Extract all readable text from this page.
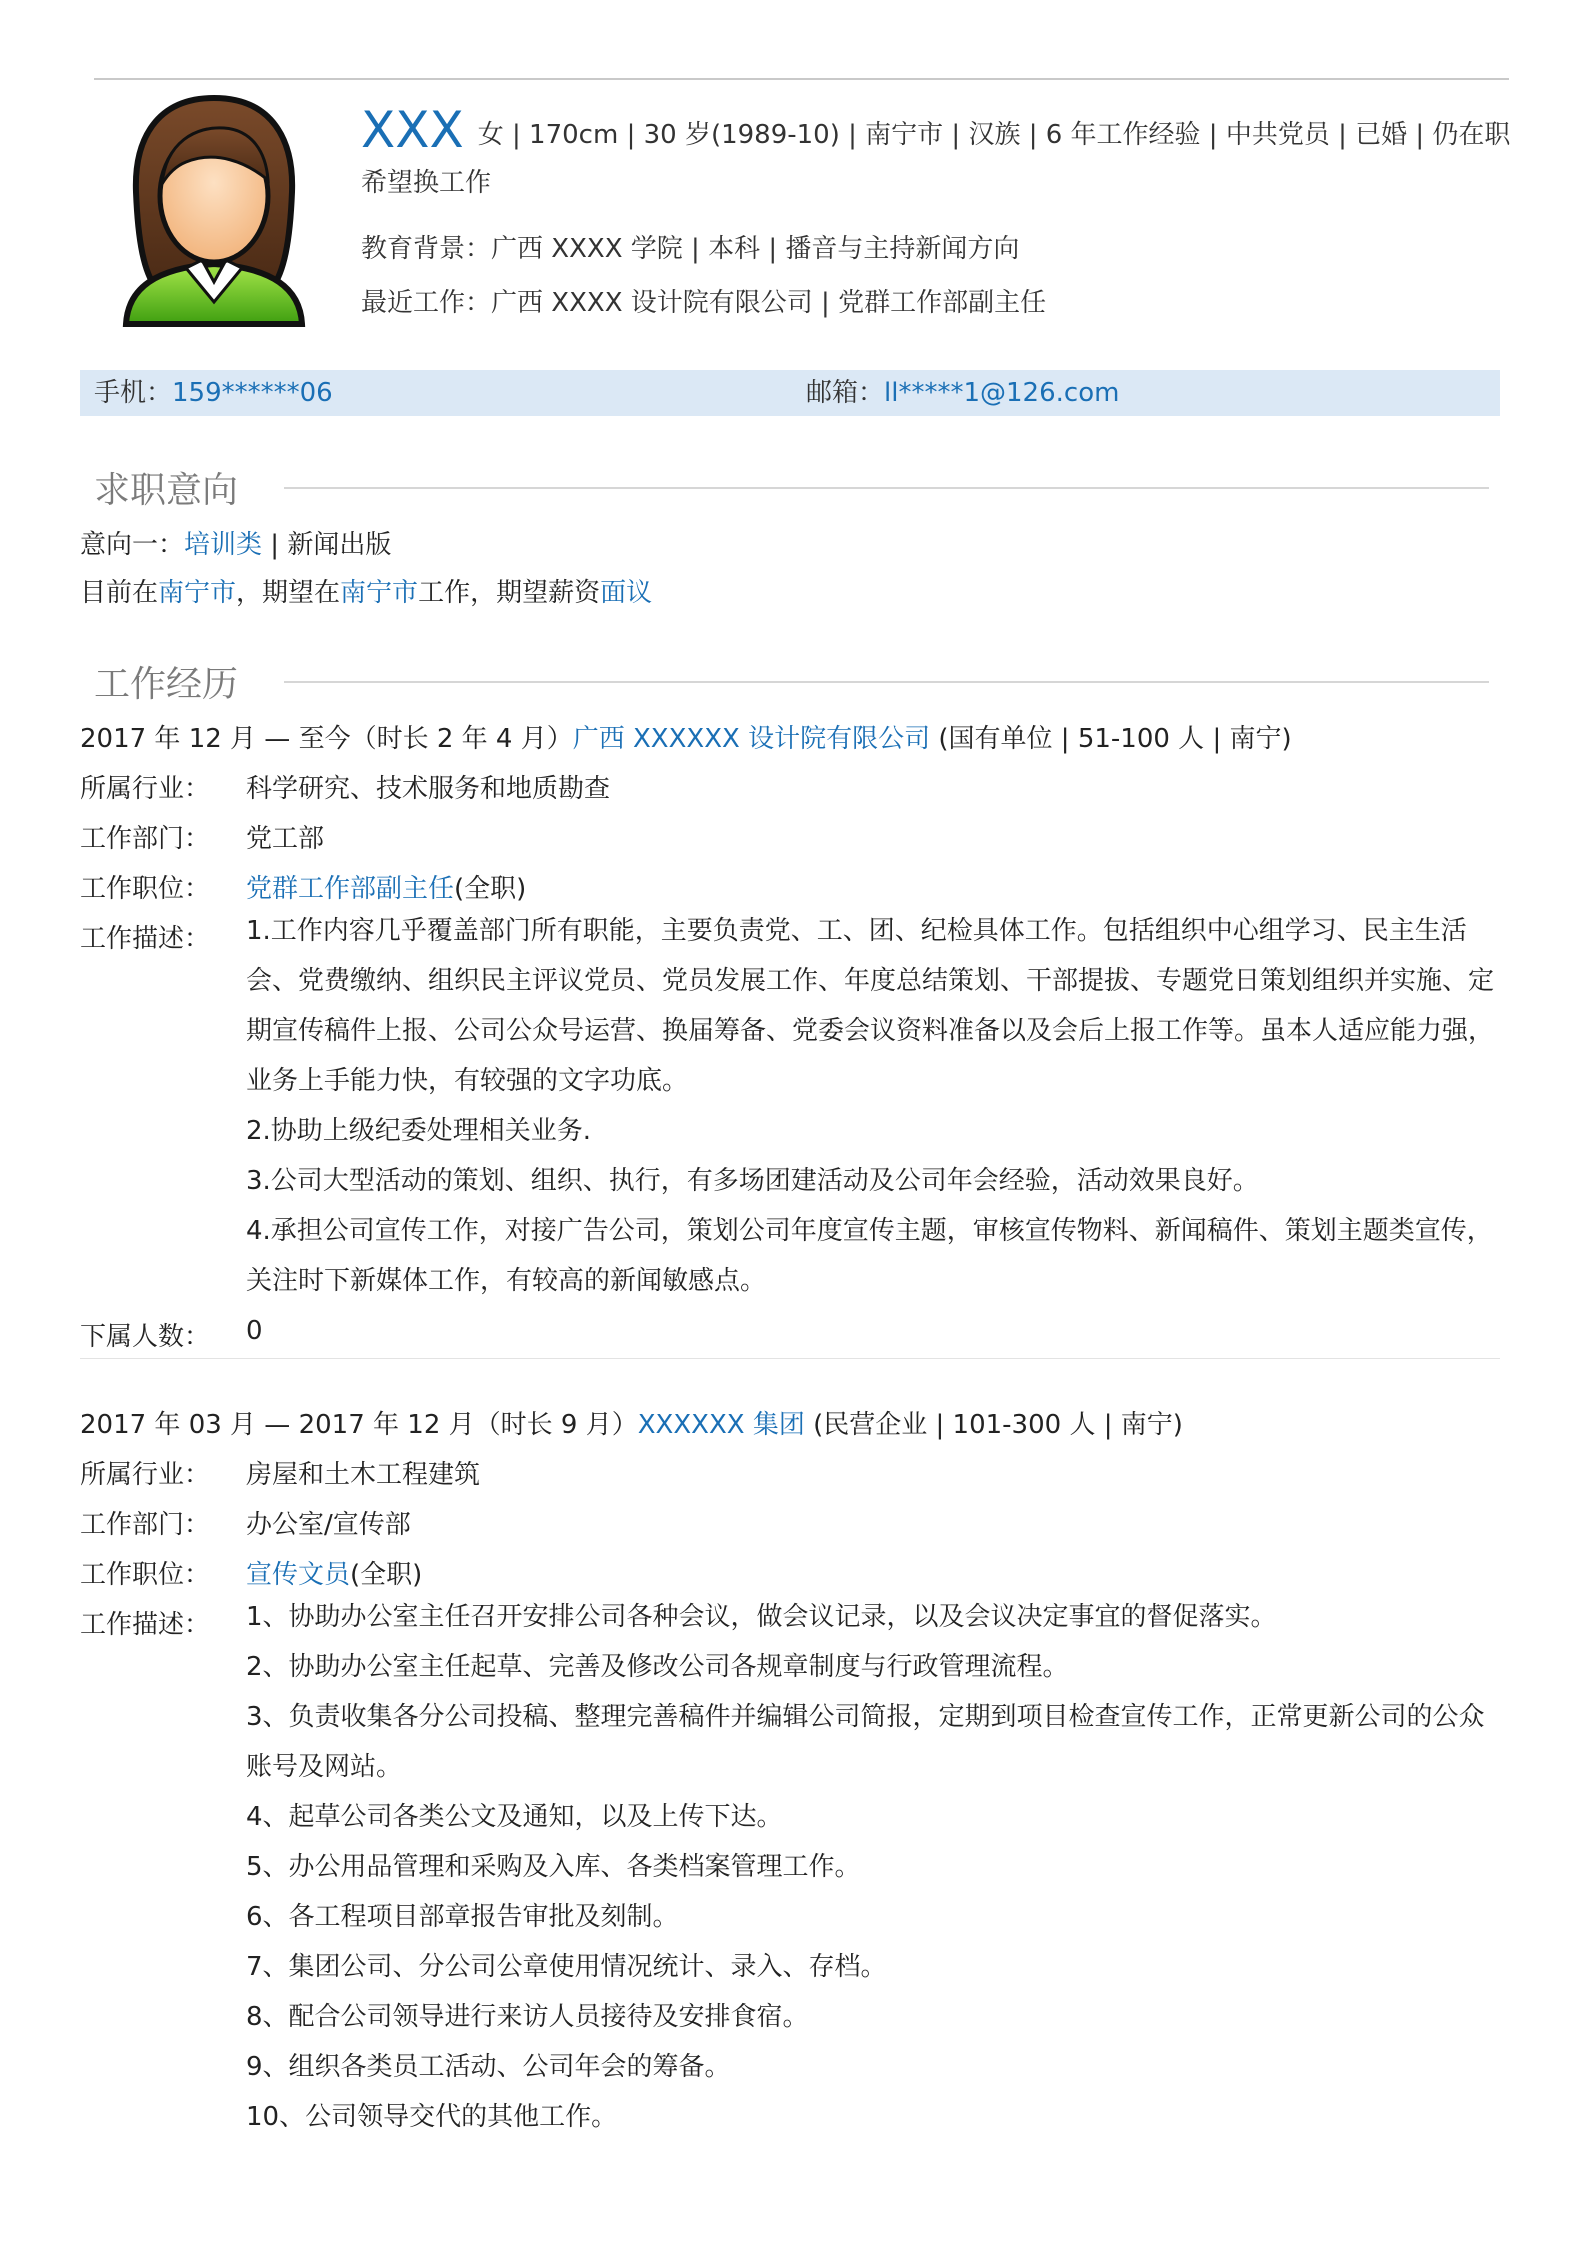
XXX 女 | 170cm | 30 岁(1989-10) | 南宁市 | 汉族 | 6 年工作经验 | 中共党员 | 已婚 | 仍在职希望换工作
教育背景：广西 XXXX 学院 | 本科 | 播音与主持新闻方向
最近工作：广西 XXXX 设计院有限公司 | 党群工作部副主任
手机：159******06	邮箱：ll*****1@126.com
求职意向
意向一：培训类 | 新闻出版
目前在南宁市，期望在南宁市工作，期望薪资面议
工作经历
2017 年 12 月 — 至今（时长 2 年 4 月）广西 XXXXXX 设计院有限公司 (国有单位 | 51-100 人 | 南宁)
所属行业：	科学研究、技术服务和地质勘查
工作部门：	党工部
工作职位：	党群工作部副主任(全职)
工作描述：	1.工作内容几乎覆盖部门所有职能，主要负责党、工、团、纪检具体工作。包括组织中心组学习、民主生活会、党费缴纳、组织民主评议党员、党员发展工作、年度总结策划、干部提拔、专题党日策划组织并实施、定期宣传稿件上报、公司公众号运营、换届筹备、党委会议资料准备以及会后上报工作等。虽本人适应能力强，业务上手能力快，有较强的文字功底。

2.协助上级纪委处理相关业务.

3.公司大型活动的策划、组织、执行，有多场团建活动及公司年会经验，活动效果良好。

4.承担公司宣传工作，对接广告公司，策划公司年度宣传主题，审核宣传物料、新闻稿件、策划主题类宣传，关注时下新媒体工作，有较高的新闻敏感点。

下属人数：	0
2017 年 03 月 — 2017 年 12 月（时长 9 月）XXXXXX 集团 (民营企业 | 101-300 人 | 南宁)
所属行业：	房屋和土木工程建筑
工作部门：	办公室/宣传部
工作职位：	宣传文员(全职)
工作描述：	1、协助办公室主任召开安排公司各种会议，做会议记录，以及会议决定事宜的督促落实。

2、协助办公室主任起草、完善及修改公司各规章制度与行政管理流程。

3、负责收集各分公司投稿、整理完善稿件并编辑公司简报，定期到项目检查宣传工作，正常更新公司的公众账号及网站。

4、起草公司各类公文及通知，以及上传下达。

5、办公用品管理和采购及入库、各类档案管理工作。

6、各工程项目部章报告审批及刻制。

7、集团公司、分公司公章使用情况统计、录入、存档。

8、配合公司领导进行来访人员接待及安排食宿。

9、组织各类员工活动、公司年会的筹备。

10、公司领导交代的其他工作。
